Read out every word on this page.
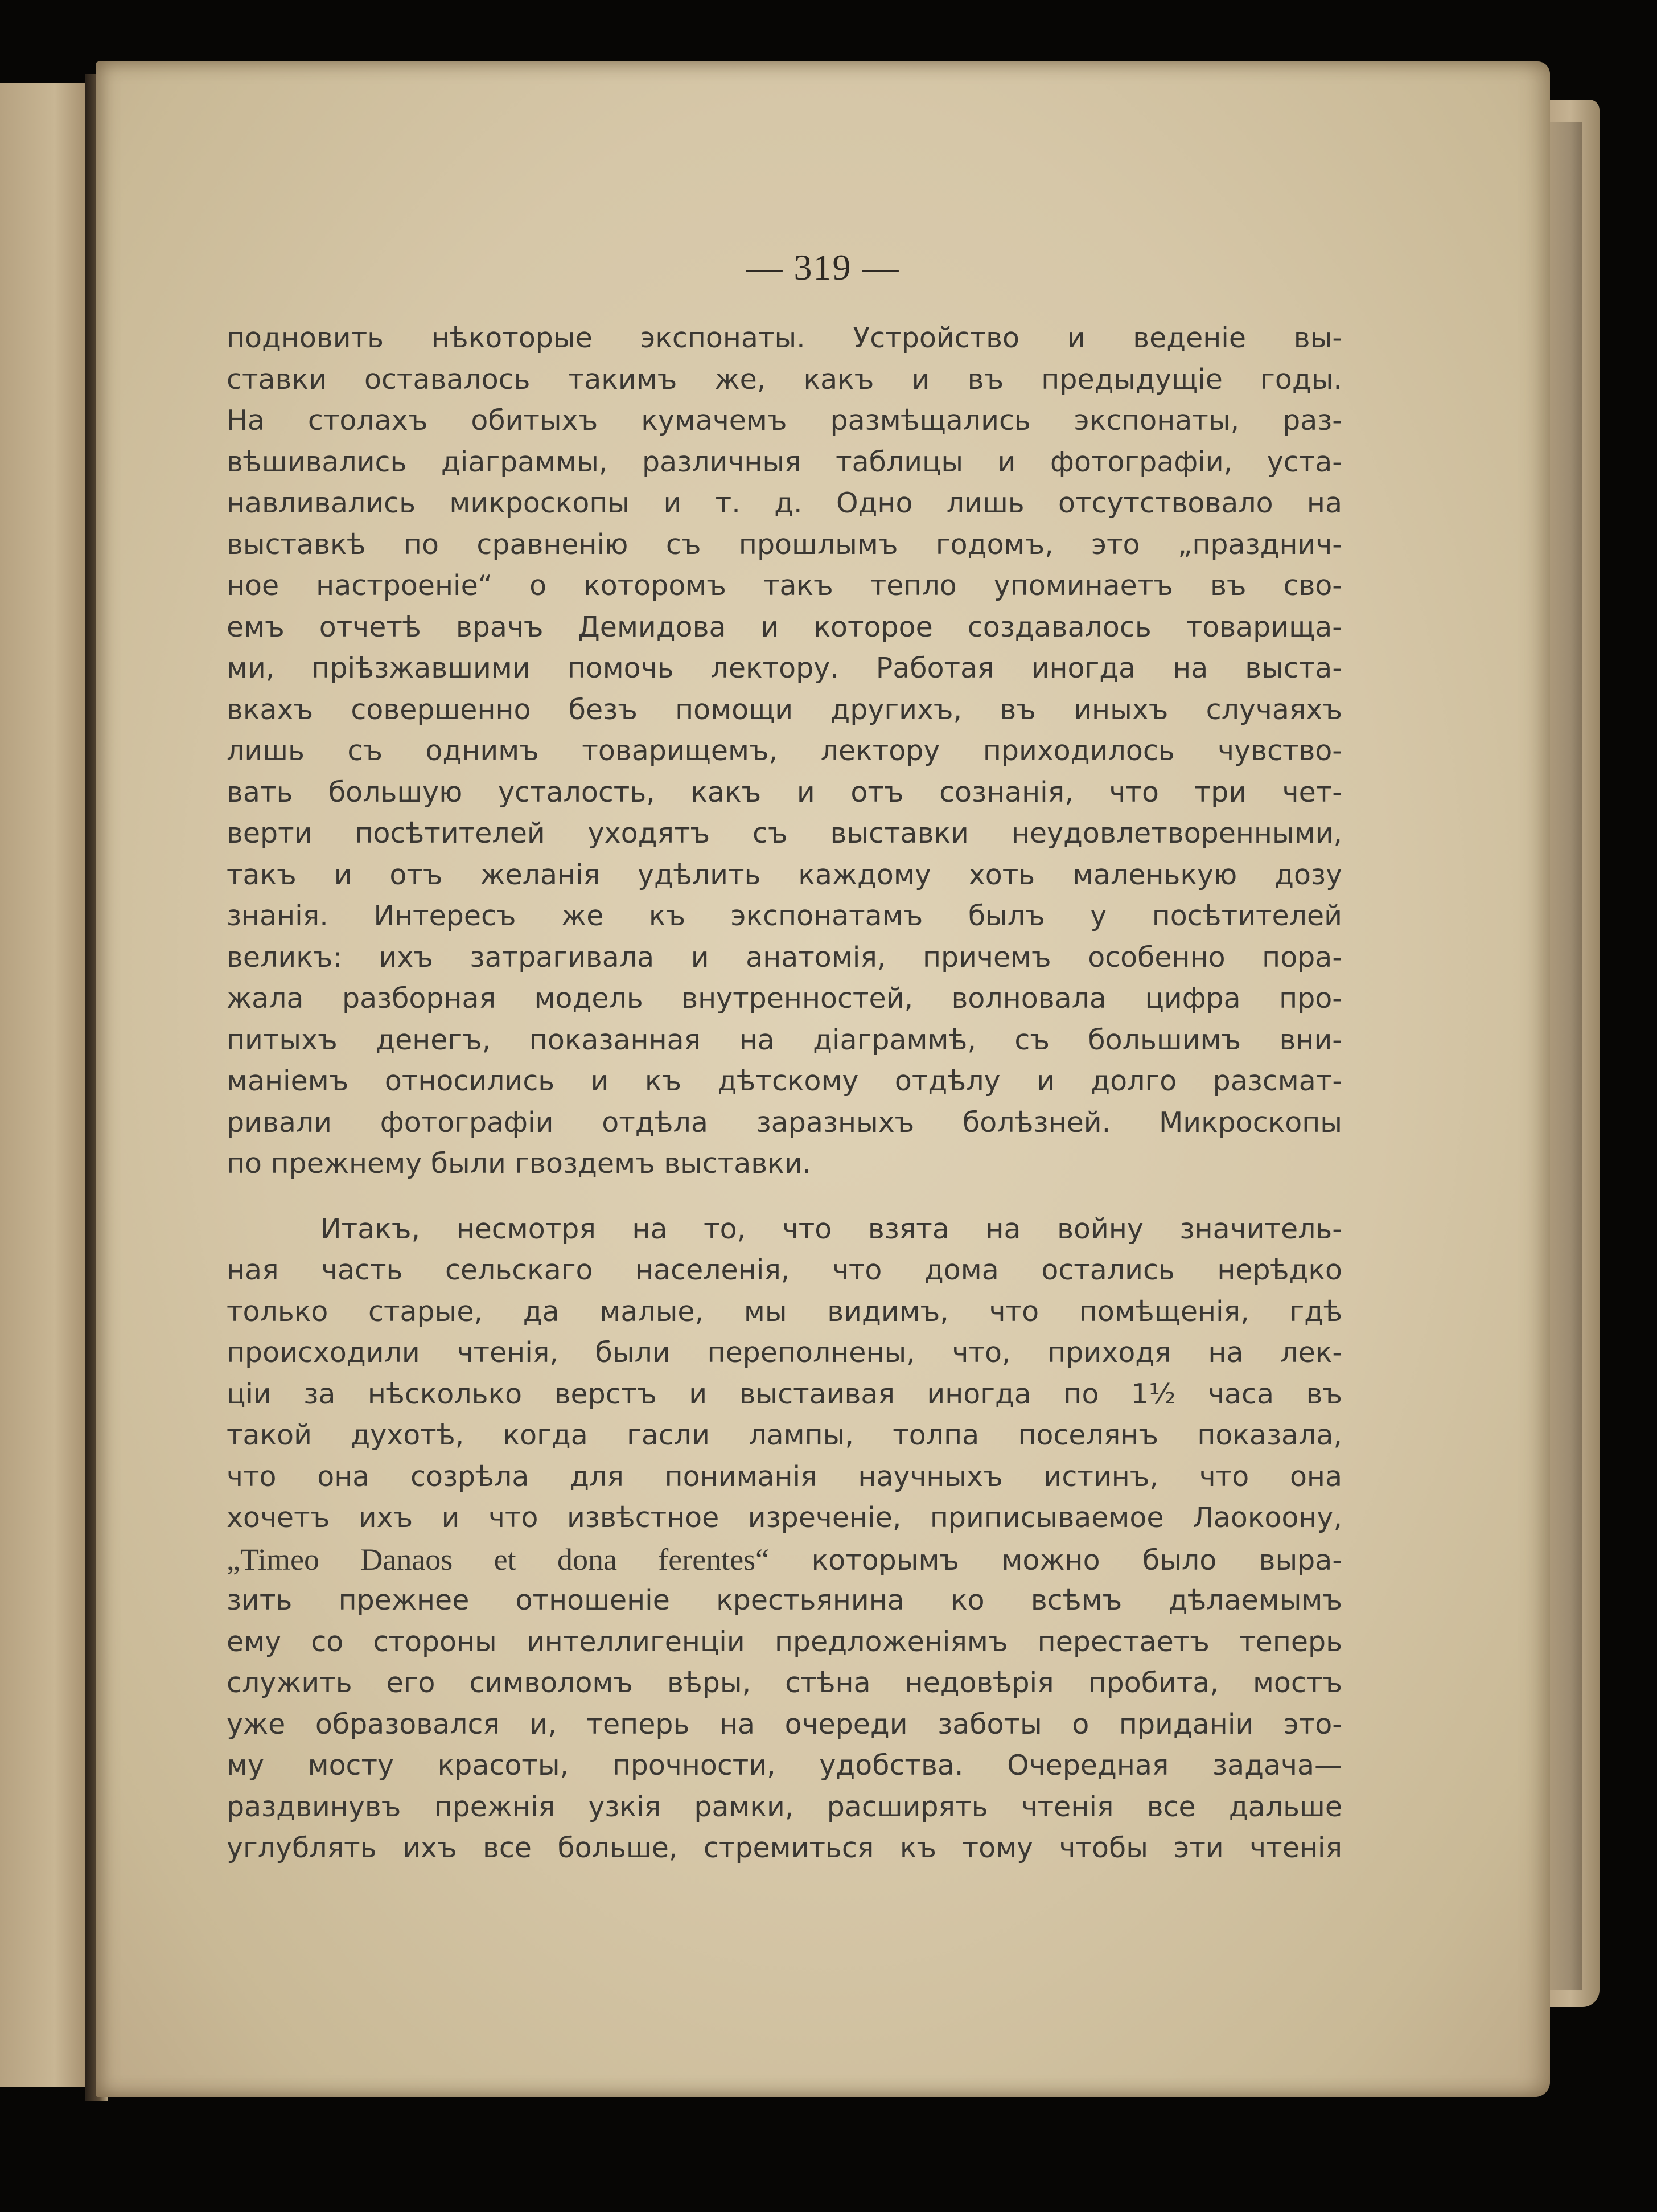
— 319 —
подновить нѣкоторые экспонаты. Устройство и веденіе вы-
ставки оставалось такимъ же, какъ и въ предыдущіе годы.
На столахъ обитыхъ кумачемъ размѣщались экспонаты, раз-
вѣшивались діаграммы, различныя таблицы и фотографіи, уста-
навливались микроскопы и т. д. Одно лишь отсутствовало на
выставкѣ по сравненію съ прошлымъ годомъ, это „празднич-
ное настроеніе“ о которомъ такъ тепло упоминаетъ въ сво-
емъ отчетѣ врачъ Демидова и которое создавалось товарища-
ми, пріѣзжавшими помочь лектору. Работая иногда на выста-
вкахъ совершенно безъ помощи другихъ, въ иныхъ случаяхъ
лишь съ однимъ товарищемъ, лектору приходилось чувство-
вать большую усталость, какъ и отъ сознанія, что три чет-
верти посѣтителей уходятъ съ выставки неудовлетворенными,
такъ и отъ желанія удѣлить каждому хоть маленькую дозу
знанія. Интересъ же къ экспонатамъ былъ у посѣтителей
великъ: ихъ затрагивала и анатомія, причемъ особенно пора-
жала разборная модель внутренностей, волновала цифра про-
питыхъ денегъ, показанная на діаграммѣ, съ большимъ вни-
маніемъ относились и къ дѣтскому отдѣлу и долго разсмат-
ривали фотографіи отдѣла заразныхъ болѣзней. Микроскопы
по прежнему были гвоздемъ выставки.
Итакъ, несмотря на то, что взята на войну значитель-
ная часть сельскаго населенія, что дома остались нерѣдко
только старые, да малые, мы видимъ, что помѣщенія, гдѣ
происходили чтенія, были переполнены, что, приходя на лек-
ціи за нѣсколько верстъ и выстаивая иногда по 1½ часа въ
такой духотѣ, когда гасли лампы, толпа поселянъ показала,
что она созрѣла для пониманія научныхъ истинъ, что она
хочетъ ихъ и что извѣстное изреченіе, приписываемое Лаокоону,
„Timeo Danaos et dona ferentes“ которымъ можно было выра-
зить прежнее отношеніе крестьянина ко всѣмъ дѣлаемымъ
ему со стороны интеллигенціи предложеніямъ перестаетъ теперь
служить его символомъ вѣры, стѣна недовѣрія пробита, мостъ
уже образовался и, теперь на очереди заботы о приданіи это-
му мосту красоты, прочности, удобства. Очередная задача—
раздвинувъ прежнія узкія рамки, расширять чтенія все дальше
углублять ихъ все больше, стремиться къ тому чтобы эти чтенія
